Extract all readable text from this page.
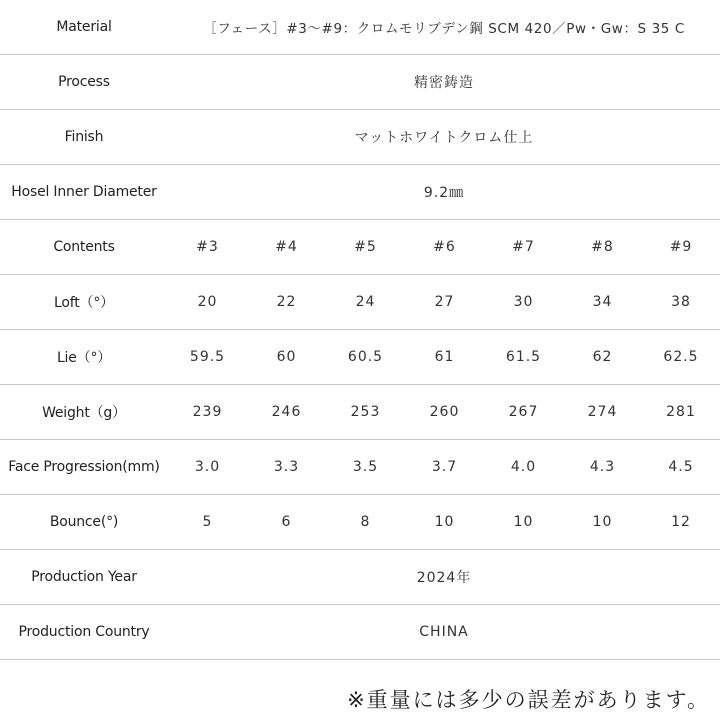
Material	［フェース］#3〜#9：クロムモリブデン鋼 SCM 420／Pw・Gw：S 35 C						
Process	精密鋳造						
Finish	マットホワイトクロム仕上						
Hosel Inner Diameter	9.2㎜						
Contents	#3	#4	#5	#6	#7	#8	#9
Loft（°）	20	22	24	27	30	34	38
Lie（°）	59.5	60	60.5	61	61.5	62	62.5
Weight（g）	239	246	253	260	267	274	281
Face Progression(mm)	3.0	3.3	3.5	3.7	4.0	4.3	4.5
Bounce(°)	5	6	8	10	10	10	12
Production Year	2024年						
Production Country	CHINA						
※重量には多少の誤差があります。
